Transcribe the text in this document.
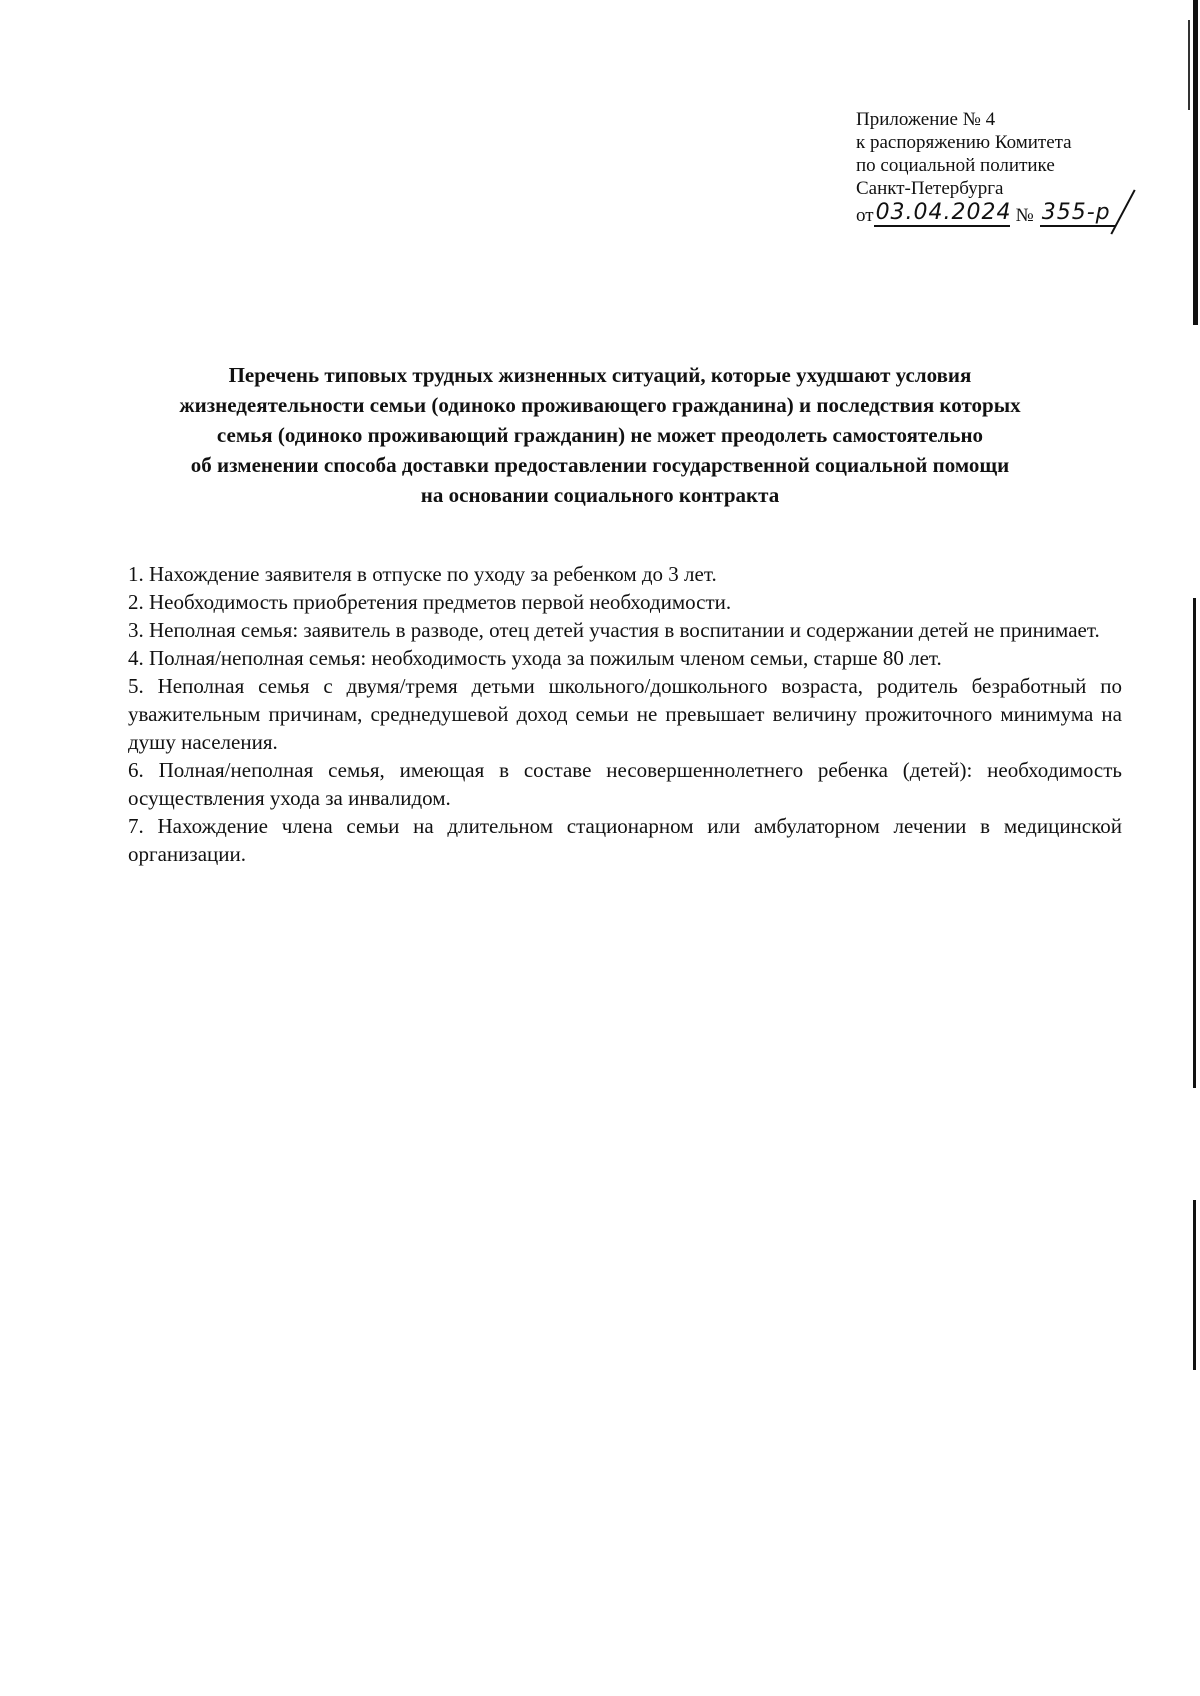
Приложение № 4
к распоряжению Комитета
по социальной политике
Санкт-Петербурга
от 03.04.2024 № 355-р
Перечень типовых трудных жизненных ситуаций, которые ухудшают условия
жизнедеятельности семьи (одиноко проживающего гражданина) и последствия которых
семья (одиноко проживающий гражданин) не может преодолеть самостоятельно
об изменении способа доставки предоставлении государственной социальной помощи
на основании социального контракта
1. Нахождение заявителя в отпуске по уходу за ребенком до 3 лет.
2. Необходимость приобретения предметов первой необходимости.
3. Неполная семья: заявитель в разводе, отец детей участия в воспитании и содержании детей не принимает.
4. Полная/неполная семья: необходимость ухода за пожилым членом семьи, старше 80 лет.
5. Неполная семья с двумя/тремя детьми школьного/дошкольного возраста, родитель безработный по уважительным причинам, среднедушевой доход семьи не превышает величину прожиточного минимума на душу населения.
6. Полная/неполная семья, имеющая в составе несовершеннолетнего ребенка (детей): необходимость осуществления ухода за инвалидом.
7. Нахождение члена семьи на длительном стационарном или амбулаторном лечении в медицинской организации.
